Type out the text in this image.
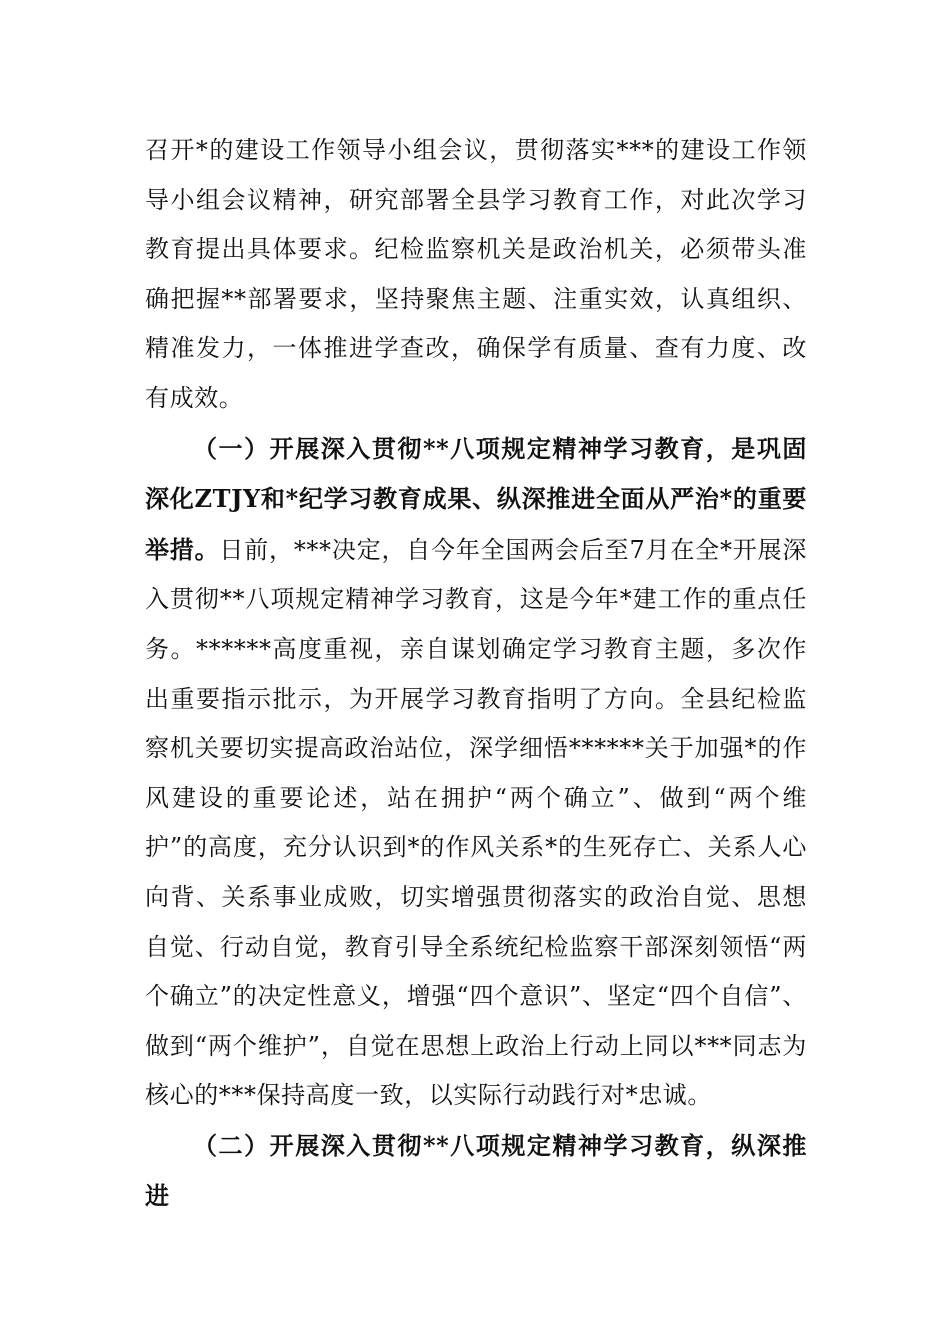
召开*的建设工作领导小组会议，贯彻落实***的建设工作领导小组会议精神，研究部署全县学习教育工作，对此次学习教育提出具体要求。纪检监察机关是政治机关，必须带头准确把握**部署要求，坚持聚焦主题、注重实效，认真组织、精准发力，一体推进学查改，确保学有质量、查有力度、改有成效。

（一）开展深入贯彻**八项规定精神学习教育，是巩固深化ZTJY和*纪学习教育成果、纵深推进全面从严治*的重要举措。日前，***决定，自今年全国两会后至7月在全*开展深入贯彻**八项规定精神学习教育，这是今年*建工作的重点任务。******高度重视，亲自谋划确定学习教育主题，多次作出重要指示批示，为开展学习教育指明了方向。全县纪检监察机关要切实提高政治站位，深学细悟******关于加强*的作风建设的重要论述，站在拥护“两个确立”、做到“两个维护”的高度，充分认识到*的作风关系*的生死存亡、关系人心向背、关系事业成败，切实增强贯彻落实的政治自觉、思想自觉、行动自觉，教育引导全系统纪检监察干部深刻领悟“两个确立”的决定性意义，增强“四个意识”、坚定“四个自信”、做到“两个维护”，自觉在思想上政治上行动上同以***同志为核心的***保持高度一致，以实际行动践行对*忠诚。

（二）开展深入贯彻**八项规定精神学习教育，纵深推进
